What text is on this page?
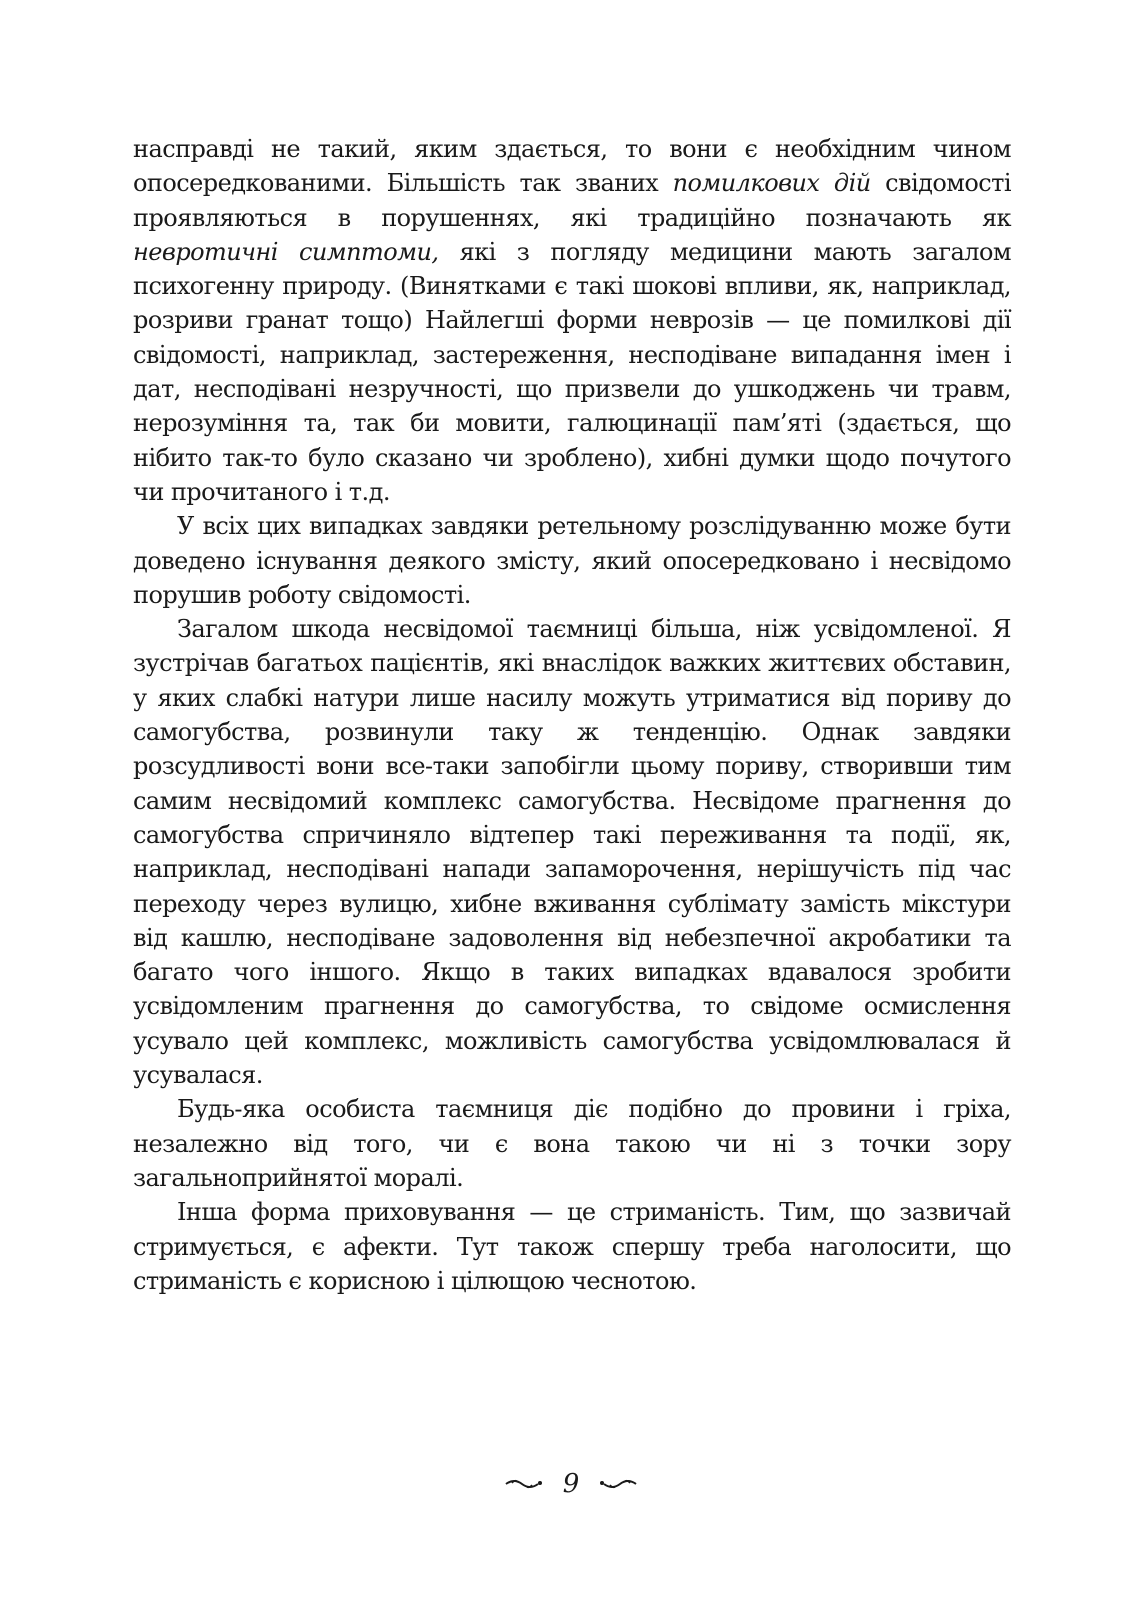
насправді не такий, яким здається, то вони є необхідним чином опосередкованими. Більшість так званих помилкових дій свідомості проявляються в порушеннях, які традиційно позначають як невротичні симптоми, які з погляду медицини мають загалом психогенну природу. (Винятками є такі шокові впливи, як, наприклад, розриви гранат тощо) Найлегші форми неврозів — це помилкові дії свідомості, наприклад, застереження, несподіване випадання імен і дат, несподівані незручності, що призвели до ушкоджень чи травм, нерозуміння та, так би мовити, галюцинації пам’яті (здається, що нібито так-то було сказано чи зроблено), хибні думки щодо почутого чи прочитаного і т.д.

У всіх цих випадках завдяки ретельному розслідуванню може бути доведено існування деякого змісту, який опосередковано і несвідомо порушив роботу свідомості.

Загалом шкода несвідомої таємниці більша, ніж усвідомленої. Я зустрічав багатьох пацієнтів, які внаслідок важких життєвих обставин, у яких слабкі натури лише насилу можуть утриматися від пориву до самогубства, розвинули таку ж тенденцію. Однак завдяки розсудливості вони все-таки запобігли цьому пориву, створивши тим самим несвідомий комплекс самогубства. Несвідоме прагнення до самогубства спричиняло відтепер такі переживання та події, як, наприклад, несподівані напади запаморочення, нерішучість під час переходу через вулицю, хибне вживання сублімату замість мікстури від кашлю, несподіване задоволення від небезпечної акробатики та багато чого іншого. Якщо в таких випадках вдавалося зробити усвідомленим прагнення до самогубства, то свідоме осмислення усувало цей комплекс, можливість самогубства усвідомлювалася й усувалася.

Будь-яка особиста таємниця діє подібно до провини і гріха, незалежно від того, чи є вона такою чи ні з точки зору загальноприйнятої моралі.

Інша форма приховування — це стриманість. Тим, що зазвичай стримується, є афекти. Тут також спершу треба наголосити, що стриманість є корисною і цілющою чеснотою.

9
